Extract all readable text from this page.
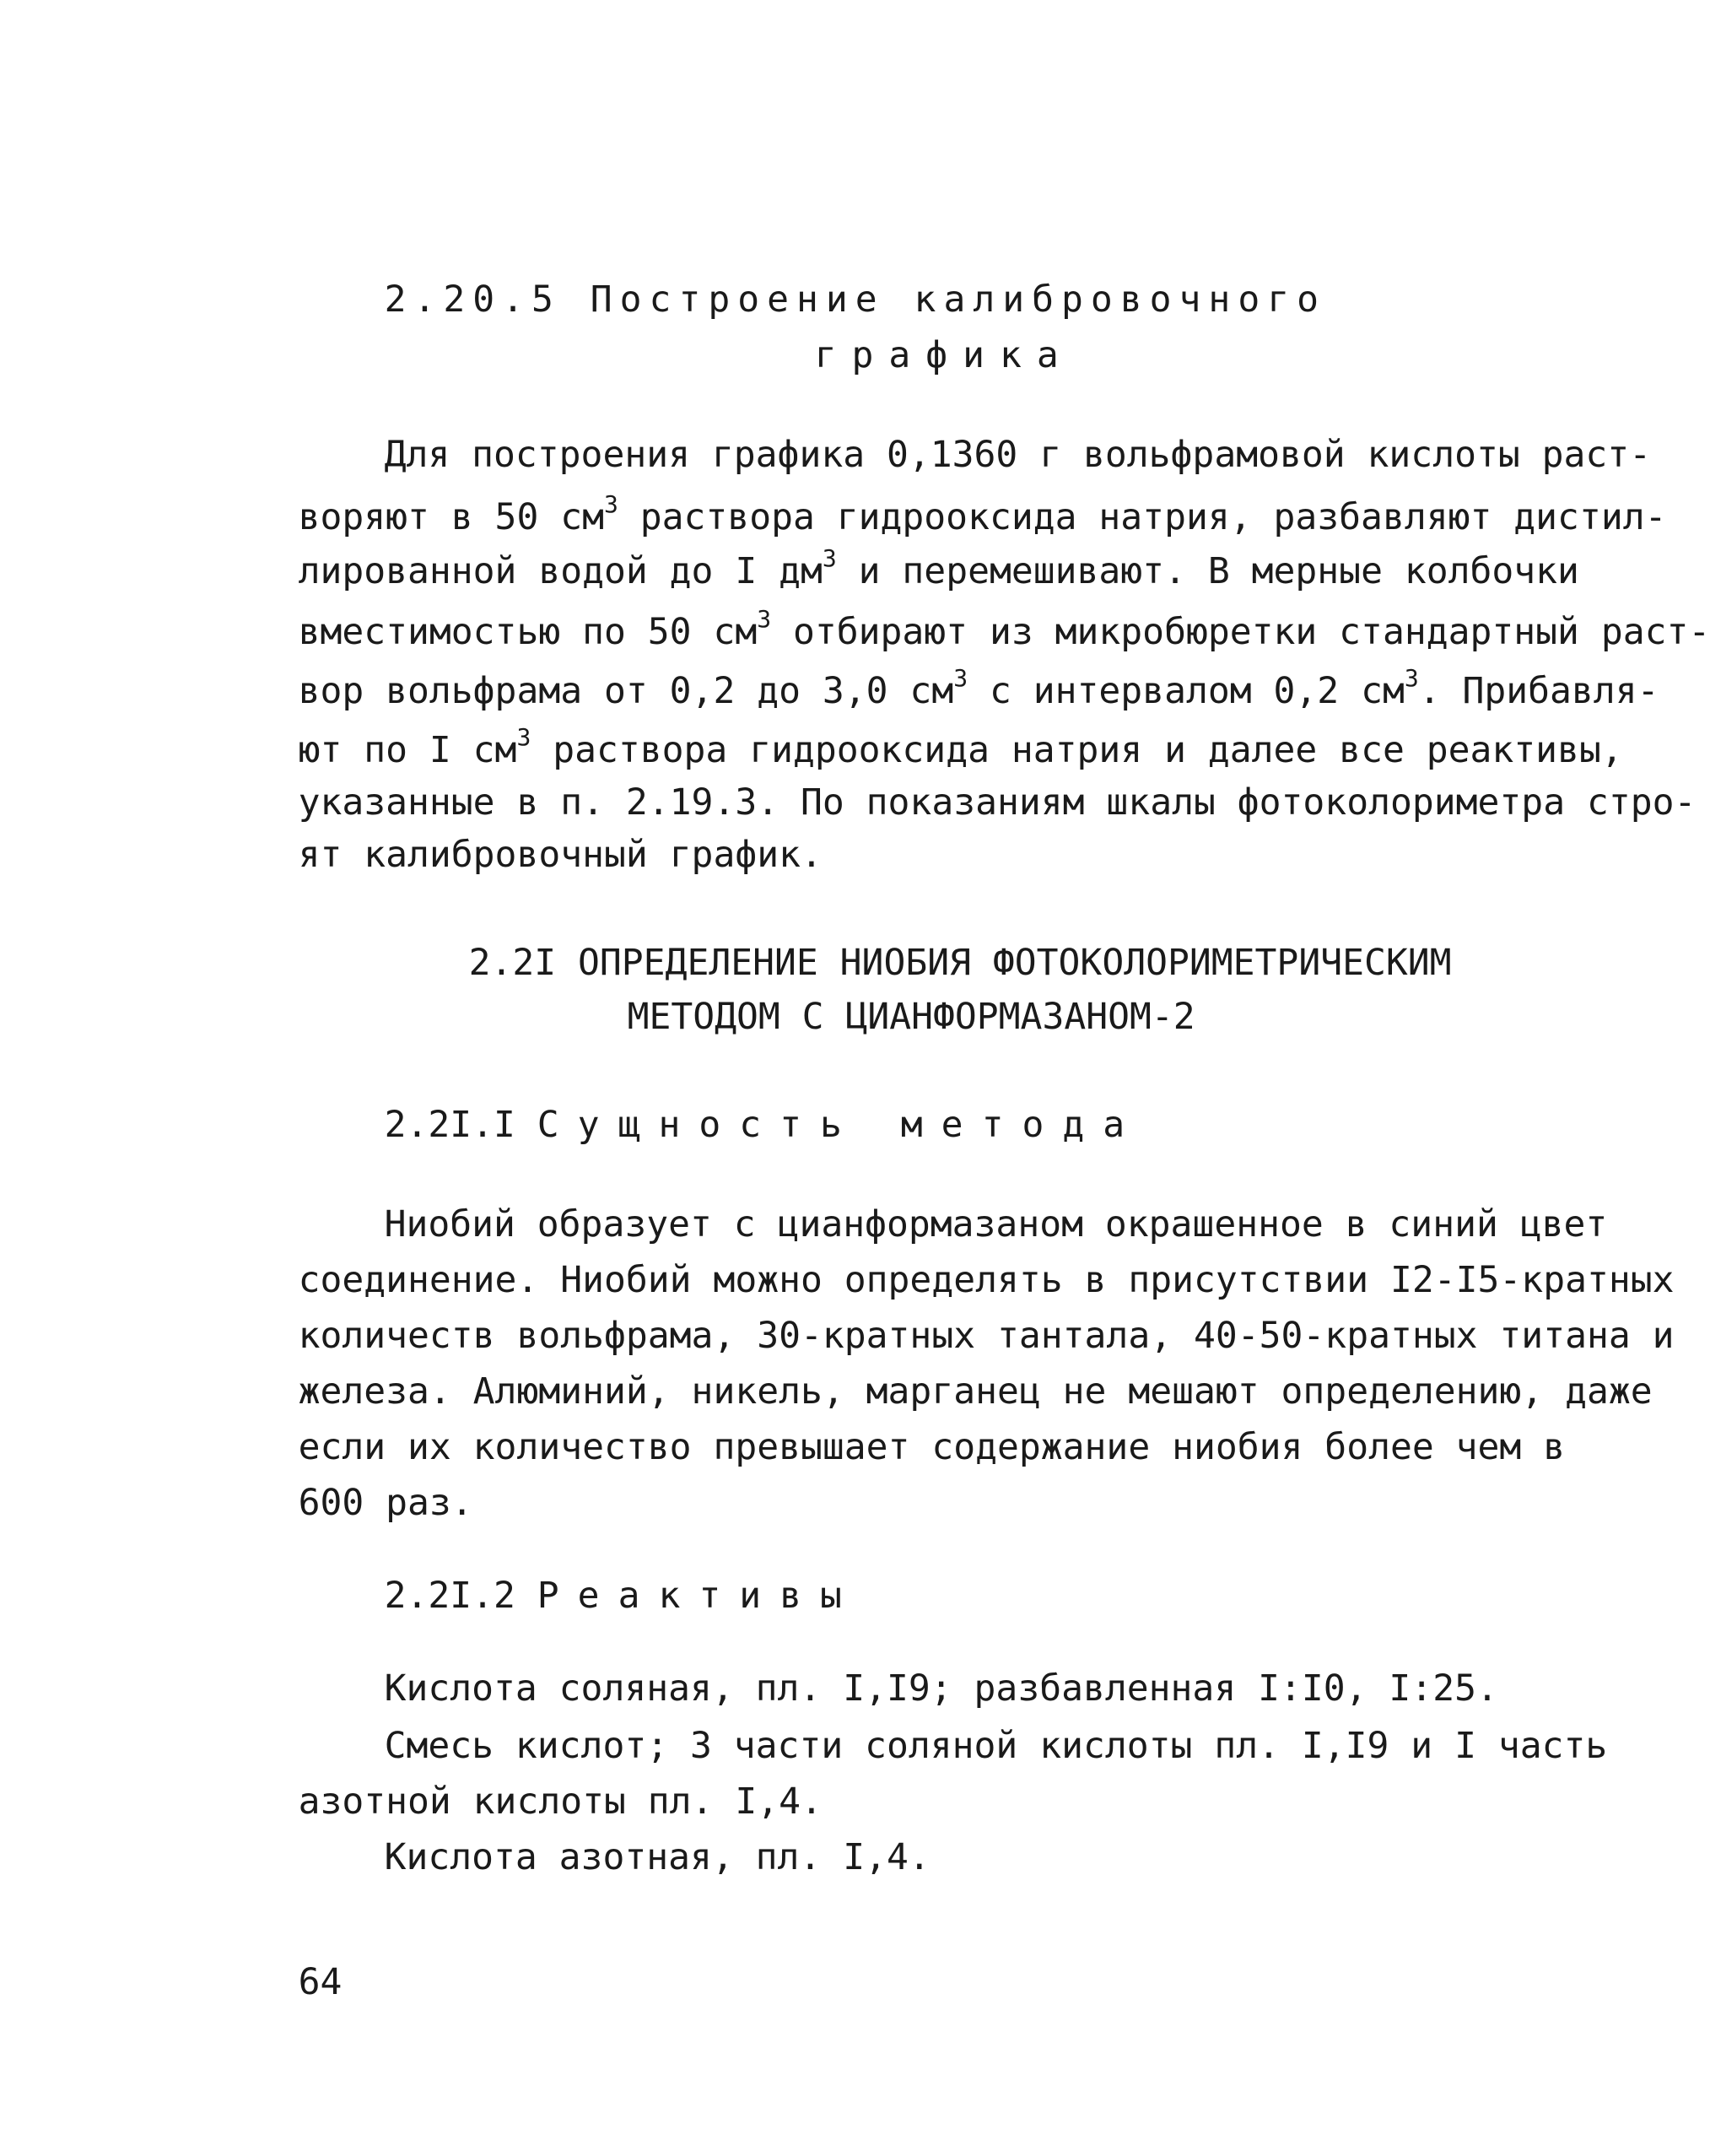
2.20.5 Построение калибровочного

графика

Для построения графика 0,1360 г вольфрамовой кислоты раст-

воряют в 50 $см^3$ раствора гидрооксида натрия, разбавляют дистил-

лированной водой до I $дм^3$ и перемешивают. В мерные колбочки

вместимостью по 50 $см^3$ отбирают из микробюретки стандартный раст-

вор вольфрама от 0,2 до 3,0 $см^3$ с интервалом 0,2 $см^3$. Прибавля-

ют по I $см^3$ раствора гидрооксида натрия и далее все реактивы,

указанные в п. 2.19.3. По показаниям шкалы фотоколориметра стро-

ят калибровочный график.

2.2I ОПРЕДЕЛЕНИЕ НИОБИЯ ФОТОКОЛОРИМЕТРИЧЕСКИМ

МЕТОДОМ С ЦИАНФОРМАЗАНОМ-2

2.2I.I Сущность метода

Ниобий образует с цианформазаном окрашенное в синий цвет

соединение. Ниобий можно определять в присутствии I2-I5-кратных

количеств вольфрама, 30-кратных тантала, 40-50-кратных титана и

железа. Алюминий, никель, марганец не мешают определению, даже

если их количество превышает содержание ниобия более чем в

600 раз.

2.2I.2 Реактивы

Кислота соляная, пл. I,I9; разбавленная I:I0, I:25.

Смесь кислот; 3 части соляной кислоты пл. I,I9 и I часть

азотной кислоты пл. I,4.

Кислота азотная, пл. I,4.

64
